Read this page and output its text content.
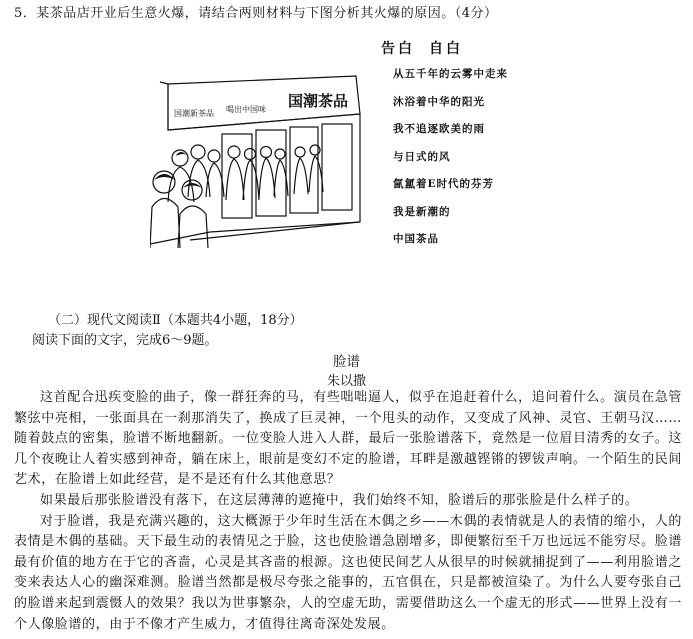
5．某茶品店开业后生意火爆，请结合两则材料与下图分析其火爆的原因。（4分）
国潮新茶品 喝出中国味 国潮茶品
告白 自白
从五千年的云雾中走来
沐浴着中华的阳光
我不追逐欧美的雨
与日式的风
氤氲着E时代的芬芳
我是新潮的
中国茶品
（二）现代文阅读Ⅱ（本题共4小题，18分）
阅读下面的文字，完成6～9题。
脸谱
朱以撒

这首配合迅疾变脸的曲子，像一群狂奔的马，有些咄咄逼人，似乎在追赶着什么，追问着什么。演员在急管繁弦中亮相，一张面具在一刹那消失了，换成了巨灵神，一个甩头的动作，又变成了风神、灵官、王朝马汉……随着鼓点的密集，脸谱不断地翻新。一位变脸人进入人群，最后一张脸谱落下，竟然是一位眉目清秀的女子。这几个夜晚让人着实感到神奇，躺在床上，眼前是变幻不定的脸谱，耳畔是激越铿锵的锣钹声响。一个陌生的民间艺术，在脸谱上如此经营，是不是还有什么其他意思？

如果最后那张脸谱没有落下，在这层薄薄的遮掩中，我们始终不知，脸谱后的那张脸是什么样子的。

对于脸谱，我是充满兴趣的，这大概源于少年时生活在木偶之乡——木偶的表情就是人的表情的缩小，人的表情是木偶的基础。天下最生动的表情见之于脸，这也使脸谱急剧增多，即便繁衍至千万也远远不能穷尽。脸谱最有价值的地方在于它的吝啬，心灵是其吝啬的根源。这也使民间艺人从很早的时候就捕捉到了——利用脸谱之变来表达人心的幽深难测。脸谱当然都是极尽夸张之能事的，五官俱在，只是都被渲染了。为什么人要夸张自己的脸谱来起到震慑人的效果？我以为世事繁杂，人的空虚无助，需要借助这么一个虚无的形式——世界上没有一个人像脸谱的，由于不像才产生威力，才值得往离奇深处发展。
